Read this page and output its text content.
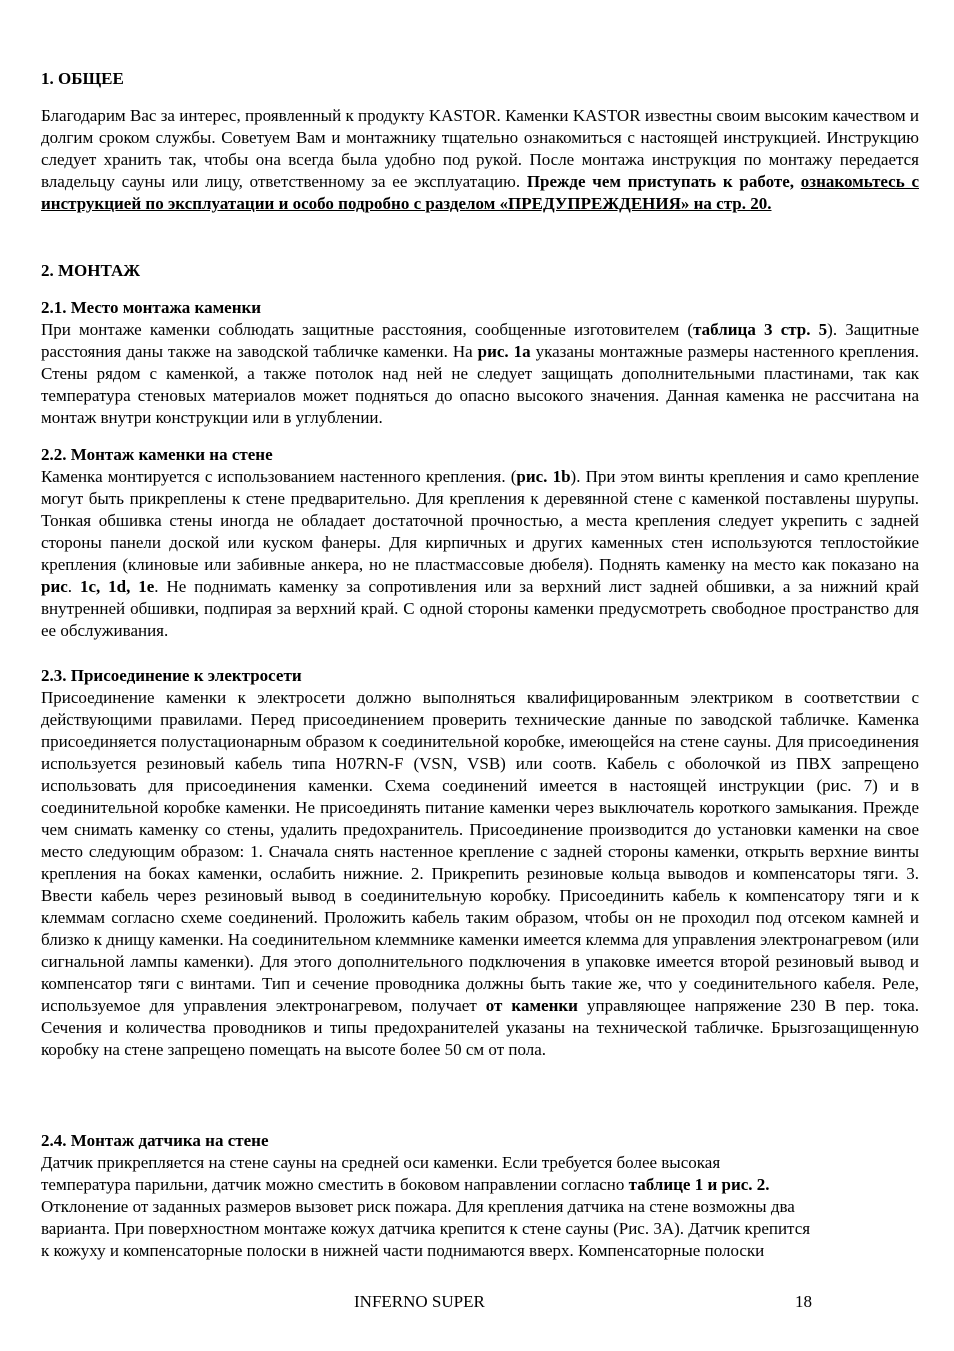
1. ОБЩЕЕ
Благодарим Вас за интерес, проявленный к продукту KASTOR. Каменки KASTOR известны своим высоким качеством и долгим сроком службы. Советуем Вам и монтажнику тщательно ознакомиться с настоящей инструкцией. Инструкцию следует хранить так, чтобы она всегда была удобно под рукой. После монтажа инструкция по монтажу передается владельцу сауны или лицу, ответственному за ее эксплуатацию. Прежде чем приступать к работе, ознакомьтесь с инструкцией по эксплуатации и особо подробно с разделом «ПРЕДУПРЕЖДЕНИЯ» на стр. 20.
2. МОНТАЖ
2.1. Место монтажа каменки
При монтаже каменки соблюдать защитные расстояния, сообщенные изготовителем (таблица 3 стр. 5). Защитные расстояния даны также на заводской табличке каменки. На рис. 1a указаны монтажные размеры настенного крепления. Стены рядом с каменкой, а также потолок над ней не следует защищать дополнительными пластинами, так как температура стеновых материалов может подняться до опасно высокого значения. Данная каменка не рассчитана на монтаж внутри конструкции или в углублении.
2.2. Монтаж каменки на стене
Каменка монтируется с использованием настенного крепления. (рис. 1b). При этом винты крепления и само крепление могут быть прикреплены к стене предварительно. Для крепления к деревянной стене с каменкой поставлены шурупы. Тонкая обшивка стены иногда не обладает достаточной прочностью, а места крепления следует укрепить с задней стороны панели доской или куском фанеры. Для кирпичных и других каменных стен используются теплостойкие крепления (клиновые или забивные анкера, но не пластмассовые дюбеля). Поднять каменку на место как показано на рис. 1c, 1d, 1e. Не поднимать каменку за сопротивления или за верхний лист задней обшивки, а за нижний край внутренней обшивки, подпирая за верхний край. С одной стороны каменки предусмотреть свободное пространство для ее обслуживания.
2.3. Присоединение к электросети
Присоединение каменки к электросети должно выполняться квалифицированным электриком в соответствии с действующими правилами. Перед присоединением проверить технические данные по заводской табличке. Каменка присоединяется полустационарным образом к соединительной коробке, имеющейся на стене сауны. Для присоединения используется резиновый кабель типа H07RN-F (VSN, VSB) или соотв. Кабель с оболочкой из ПВХ запрещено использовать для присоединения каменки. Схема соединений имеется в настоящей инструкции (рис. 7) и в соединительной коробке каменки. Не присоединять питание каменки через выключатель короткого замыкания. Прежде чем снимать каменку со стены, удалить предохранитель. Присоединение производится до установки каменки на свое место следующим образом: 1. Сначала снять настенное крепление с задней стороны каменки, открыть верхние винты крепления на боках каменки, ослабить нижние. 2. Прикрепить резиновые кольца выводов и компенсаторы тяги. 3. Ввести кабель через резиновый вывод в соединительную коробку. Присоединить кабель к компенсатору тяги и к клеммам согласно схеме соединений. Проложить кабель таким образом, чтобы он не проходил под отсеком камней и близко к днищу каменки. На соединительном клеммнике каменки имеется клемма для управления электронагревом (или сигнальной лампы каменки). Для этого дополнительного подключения в упаковке имеется второй резиновый вывод и компенсатор тяги с винтами. Тип и сечение проводника должны быть такие же, что у соединительного кабеля. Реле, используемое для управления электронагревом, получает от каменки управляющее напряжение 230 В пер. тока. Сечения и количества проводников и типы предохранителей указаны на технической табличке. Брызгозащищенную коробку на стене запрещено помещать на высоте более 50 см от пола.
2.4. Монтаж датчика на стене
Датчик прикрепляется на стене сауны на средней оси каменки. Если требуется более высокая
температура парильни, датчик можно сместить в боковом направлении согласно таблице 1 и рис. 2.
Отклонение от заданных размеров вызовет риск пожара. Для крепления датчика на стене возможны два
варианта. При поверхностном монтаже кожух датчика крепится к стене сауны (Рис. 3A). Датчик крепится
к кожуху и компенсаторные полоски в нижней части поднимаются вверх. Компенсаторные полоски
INFERNO SUPER	18
